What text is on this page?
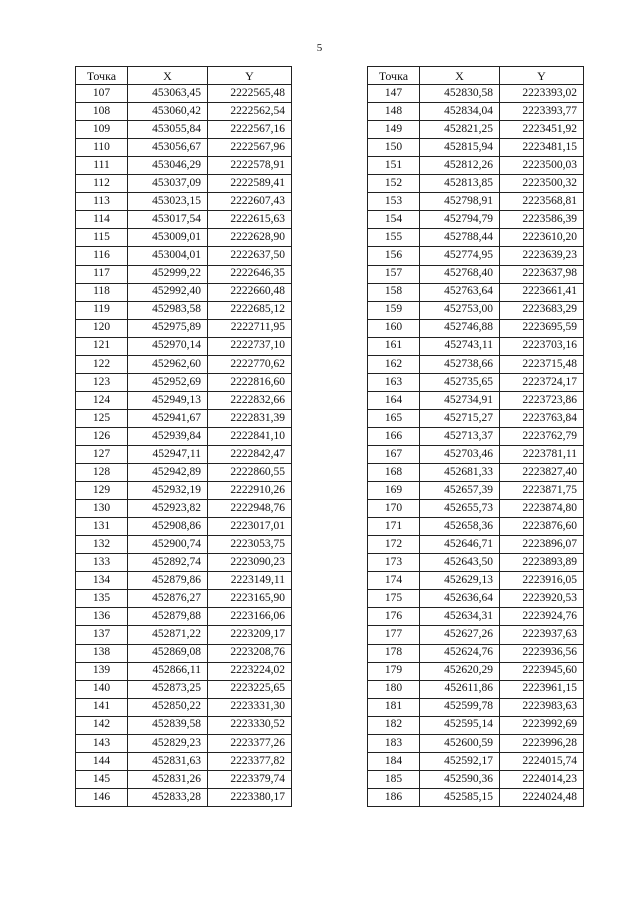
5
Точка	X	Y
107	453063,45	2222565,48
108	453060,42	2222562,54
109	453055,84	2222567,16
110	453056,67	2222567,96
111	453046,29	2222578,91
112	453037,09	2222589,41
113	453023,15	2222607,43
114	453017,54	2222615,63
115	453009,01	2222628,90
116	453004,01	2222637,50
117	452999,22	2222646,35
118	452992,40	2222660,48
119	452983,58	2222685,12
120	452975,89	2222711,95
121	452970,14	2222737,10
122	452962,60	2222770,62
123	452952,69	2222816,60
124	452949,13	2222832,66
125	452941,67	2222831,39
126	452939,84	2222841,10
127	452947,11	2222842,47
128	452942,89	2222860,55
129	452932,19	2222910,26
130	452923,82	2222948,76
131	452908,86	2223017,01
132	452900,74	2223053,75
133	452892,74	2223090,23
134	452879,86	2223149,11
135	452876,27	2223165,90
136	452879,88	2223166,06
137	452871,22	2223209,17
138	452869,08	2223208,76
139	452866,11	2223224,02
140	452873,25	2223225,65
141	452850,22	2223331,30
142	452839,58	2223330,52
143	452829,23	2223377,26
144	452831,63	2223377,82
145	452831,26	2223379,74
146	452833,28	2223380,17
Точка	X	Y
147	452830,58	2223393,02
148	452834,04	2223393,77
149	452821,25	2223451,92
150	452815,94	2223481,15
151	452812,26	2223500,03
152	452813,85	2223500,32
153	452798,91	2223568,81
154	452794,79	2223586,39
155	452788,44	2223610,20
156	452774,95	2223639,23
157	452768,40	2223637,98
158	452763,64	2223661,41
159	452753,00	2223683,29
160	452746,88	2223695,59
161	452743,11	2223703,16
162	452738,66	2223715,48
163	452735,65	2223724,17
164	452734,91	2223723,86
165	452715,27	2223763,84
166	452713,37	2223762,79
167	452703,46	2223781,11
168	452681,33	2223827,40
169	452657,39	2223871,75
170	452655,73	2223874,80
171	452658,36	2223876,60
172	452646,71	2223896,07
173	452643,50	2223893,89
174	452629,13	2223916,05
175	452636,64	2223920,53
176	452634,31	2223924,76
177	452627,26	2223937,63
178	452624,76	2223936,56
179	452620,29	2223945,60
180	452611,86	2223961,15
181	452599,78	2223983,63
182	452595,14	2223992,69
183	452600,59	2223996,28
184	452592,17	2224015,74
185	452590,36	2224014,23
186	452585,15	2224024,48
